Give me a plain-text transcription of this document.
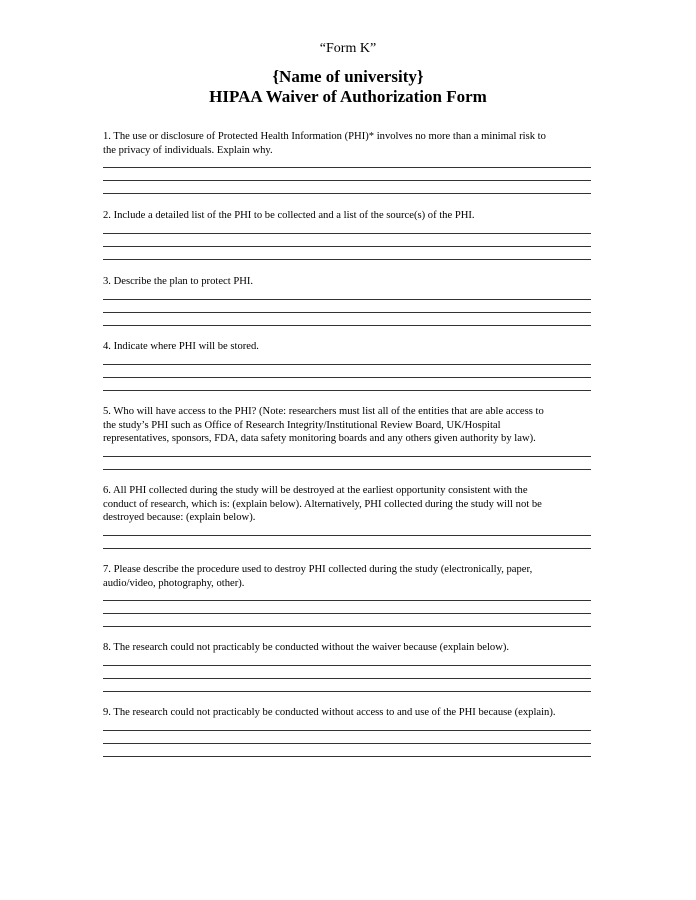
“Form K”
{Name of university}
HIPAA Waiver of Authorization Form
1. The use or disclosure of Protected Health Information (PHI)* involves no more than a minimal risk to
the privacy of individuals. Explain why.
2. Include a detailed list of the PHI to be collected and a list of the source(s) of the PHI.
3. Describe the plan to protect PHI.
4. Indicate where PHI will be stored.
5. Who will have access to the PHI? (Note: researchers must list all of the entities that are able access to
the study’s PHI such as Office of Research Integrity/Institutional Review Board, UK/Hospital
representatives, sponsors, FDA, data safety monitoring boards and any others given authority by law).
6. All PHI collected during the study will be destroyed at the earliest opportunity consistent with the
conduct of research, which is: (explain below). Alternatively, PHI collected during the study will not be
destroyed because: (explain below).
7. Please describe the procedure used to destroy PHI collected during the study (electronically, paper,
audio/video, photography, other).
8. The research could not practicably be conducted without the waiver because (explain below).
9. The research could not practicably be conducted without access to and use of the PHI because (explain).
